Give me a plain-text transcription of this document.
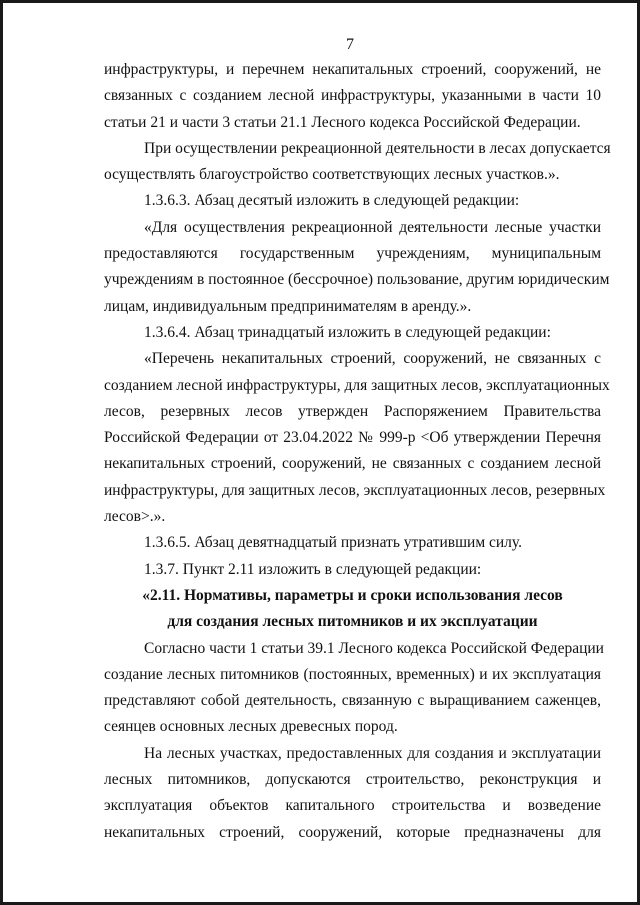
7
инфраструктуры, и перечнем некапитальных строений, сооружений, не
связанных с созданием лесной инфраструктуры, указанными в части 10
статьи 21 и части 3 статьи 21.1 Лесного кодекса Российской Федерации.
При осуществлении рекреационной деятельности в лесах допускается
осуществлять благоустройство соответствующих лесных участков.».
1.3.6.3. Абзац десятый изложить в следующей редакции:
«Для осуществления рекреационной деятельности лесные участки
предоставляются государственным учреждениям, муниципальным
учреждениям в постоянное (бессрочное) пользование, другим юридическим
лицам, индивидуальным предпринимателям в аренду.».
1.3.6.4. Абзац тринадцатый изложить в следующей редакции:
«Перечень некапитальных строений, сооружений, не связанных с
созданием лесной инфраструктуры, для защитных лесов, эксплуатационных
лесов, резервных лесов утвержден Распоряжением Правительства
Российской Федерации от 23.04.2022 № 999-р <Об утверждении Перечня
некапитальных строений, сооружений, не связанных с созданием лесной
инфраструктуры, для защитных лесов, эксплуатационных лесов, резервных
лесов>.».
1.3.6.5. Абзац девятнадцатый признать утратившим силу.
1.3.7. Пункт 2.11 изложить в следующей редакции:
«2.11. Нормативы, параметры и сроки использования лесов
для создания лесных питомников и их эксплуатации
Согласно части 1 статьи 39.1 Лесного кодекса Российской Федерации
создание лесных питомников (постоянных, временных) и их эксплуатация
представляют собой деятельность, связанную с выращиванием саженцев,
сеянцев основных лесных древесных пород.
На лесных участках, предоставленных для создания и эксплуатации
лесных питомников, допускаются строительство, реконструкция и
эксплуатация объектов капитального строительства и возведение
некапитальных строений, сооружений, которые предназначены для
